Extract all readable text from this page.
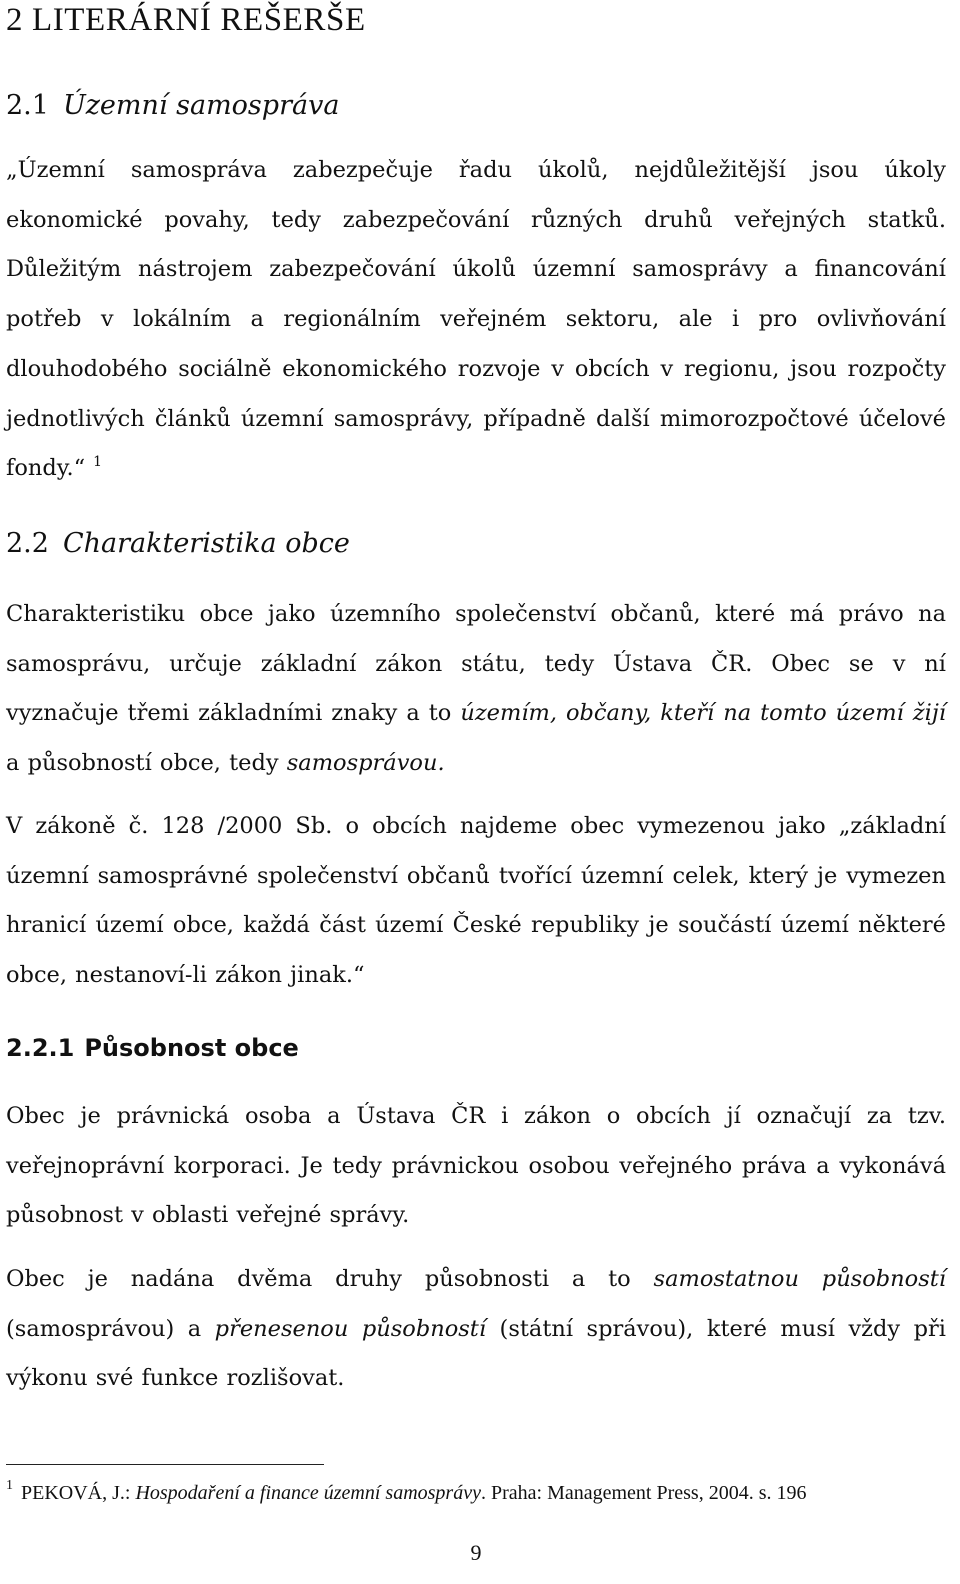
2 LITERÁRNÍ REŠERŠE
2.1 Územní samospráva

„Územní samospráva zabezpečuje řadu úkolů, nejdůležitější jsou úkoly ekonomické povahy, tedy zabezpečování různých druhů veřejných statků. Důležitým nástrojem zabezpečování úkolů územní samosprávy a financování potřeb v lokálním a regionálním veřejném sektoru, ale i pro ovlivňování dlouhodobého sociálně ekonomického rozvoje v obcích v regionu, jsou rozpočty jednotlivých článků územní samosprávy, případně další mimorozpočtové účelové fondy.“ $^1$

2.2 Charakteristika obce

Charakteristiku obce jako územního společenství občanů, které má právo na samosprávu, určuje základní zákon státu, tedy Ústava ČR. Obec se v ní vyznačuje třemi základními znaky a to územím, občany, kteří na tomto území žijí a působností obce, tedy samosprávou.

V zákoně č. 128 /2000 Sb. o obcích najdeme obec vymezenou jako „základní územní samosprávné společenství občanů tvořící územní celek, který je vymezen hranicí území obce, každá část území České republiky je součástí území některé obce, nestanoví-li zákon jinak.“

2.2.1 Působnost obce

Obec je právnická osoba a Ústava ČR i zákon o obcích jí označují za tzv. veřejnoprávní korporaci. Je tedy právnickou osobou veřejného práva a vykonává působnost v oblasti veřejné správy.

Obec je nadána dvěma druhy působnosti a to samostatnou působností (samosprávou) a přenesenou působností (státní správou), které musí vždy při výkonu své funkce rozlišovat.

$^1$ PEKOVÁ, J.: Hospodaření a finance územní samosprávy. Praha: Management Press, 2004. s. 196

9
